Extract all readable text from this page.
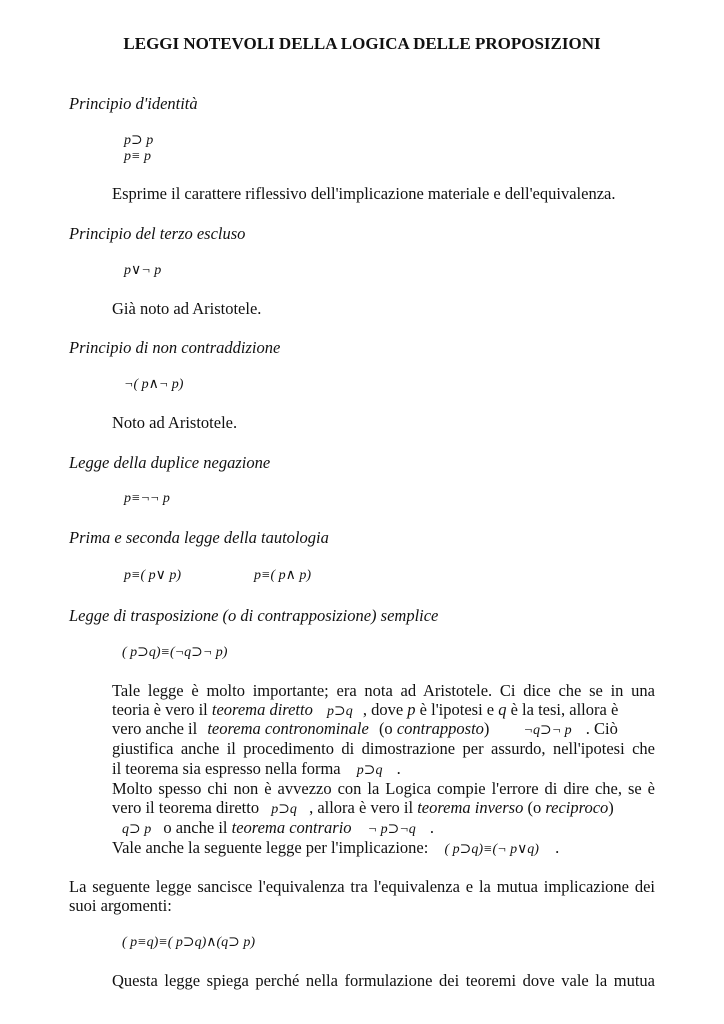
LEGGI NOTEVOLI DELLA LOGICA DELLE PROPOSIZIONI
Principio d'identità
p⊃ p
p≡ p
Esprime il carattere riflessivo dell'implicazione materiale e dell'equivalenza.
Principio del terzo escluso
p∨¬ p
Già noto ad Aristotele.
Principio di non contraddizione
¬( p∧¬ p)
Noto ad Aristotele.
Legge della duplice negazione
p≡¬¬ p
Prima e seconda legge della tautologia
p≡( p∨ p)	p≡( p∧ p)
Legge di trasposizione (o di contrapposizione) semplice
( p⊃q)≡(¬q⊃¬ p)
Tale legge è molto importante; era nota ad Aristotele. Ci dice che se in una
teoria è vero il teorema diretto p⊃q , dove p è l'ipotesi e q è la tesi, allora è
vero anche il teorema contronominale (o contrapposto) ¬q⊃¬ p . Ciò
giustifica anche il procedimento di dimostrazione per assurdo, nell'ipotesi che
il teorema sia espresso nella forma p⊃q .
Molto spesso chi non è avvezzo con la Logica compie l'errore di dire che, se è
vero il teorema diretto p⊃q , allora è vero il teorema inverso (o reciproco)
q⊃ p o anche il teorema contrario ¬ p⊃¬q .
Vale anche la seguente legge per l'implicazione: ( p⊃q)≡(¬ p∨q) .
La seguente legge sancisce l'equivalenza tra l'equivalenza e la mutua implicazione dei
suoi argomenti:
( p≡q)≡( p⊃q)∧(q⊃ p)
Questa legge spiega perché nella formulazione dei teoremi dove vale la mutua
